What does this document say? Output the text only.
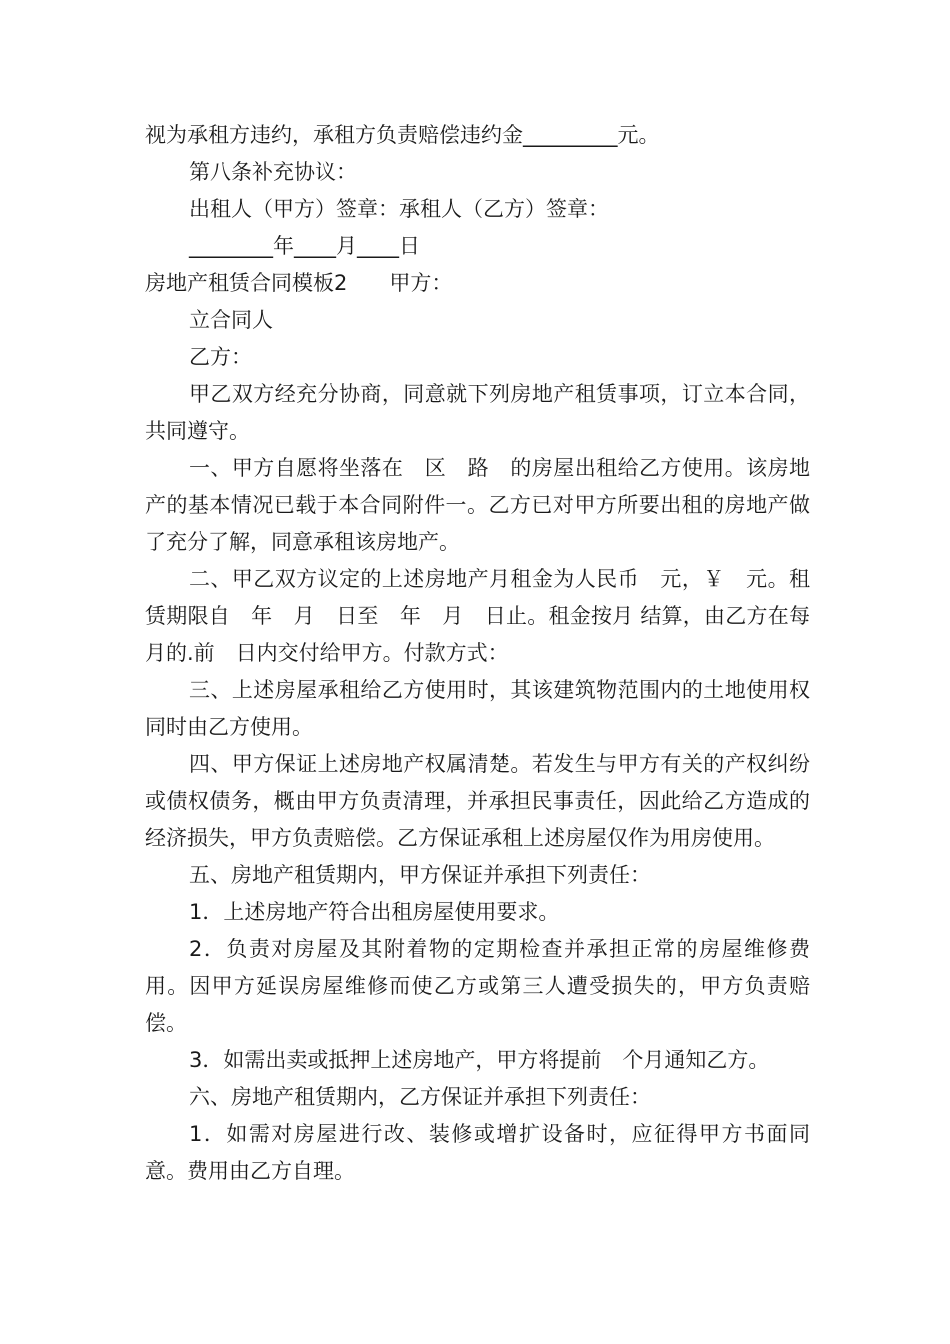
视为承租方违约，承租方负责赔偿违约金_________元。

第八条补充协议：

出租人（甲方）签章：承租人（乙方）签章：

________年____月____日

房地产租赁合同模板2　　甲方：

立合同人

乙方：

甲乙双方经充分协商，同意就下列房地产租赁事项，订立本合同，共同遵守。

一、甲方自愿将坐落在　区　路　的房屋出租给乙方使用。该房地产的基本情况已载于本合同附件一。乙方已对甲方所要出租的房地产做了充分了解，同意承租该房地产。

二、甲乙双方议定的上述房地产月租金为人民币　元，￥　元。租赁期限自　年　月　日至　年　月　日止。租金按月 结算，由乙方在每月的.前　日内交付给甲方。付款方式：

三、上述房屋承租给乙方使用时，其该建筑物范围内的土地使用权同时由乙方使用。

四、甲方保证上述房地产权属清楚。若发生与甲方有关的产权纠纷或债权债务，概由甲方负责清理，并承担民事责任，因此给乙方造成的经济损失，甲方负责赔偿。乙方保证承租上述房屋仅作为用房使用。

五、房地产租赁期内，甲方保证并承担下列责任：

1．上述房地产符合出租房屋使用要求。

2．负责对房屋及其附着物的定期检查并承担正常的房屋维修费用。因甲方延误房屋维修而使乙方或第三人遭受损失的，甲方负责赔偿。

3．如需出卖或抵押上述房地产，甲方将提前　个月通知乙方。

六、房地产租赁期内，乙方保证并承担下列责任：

1．如需对房屋进行改、装修或增扩设备时，应征得甲方书面同意。费用由乙方自理。
